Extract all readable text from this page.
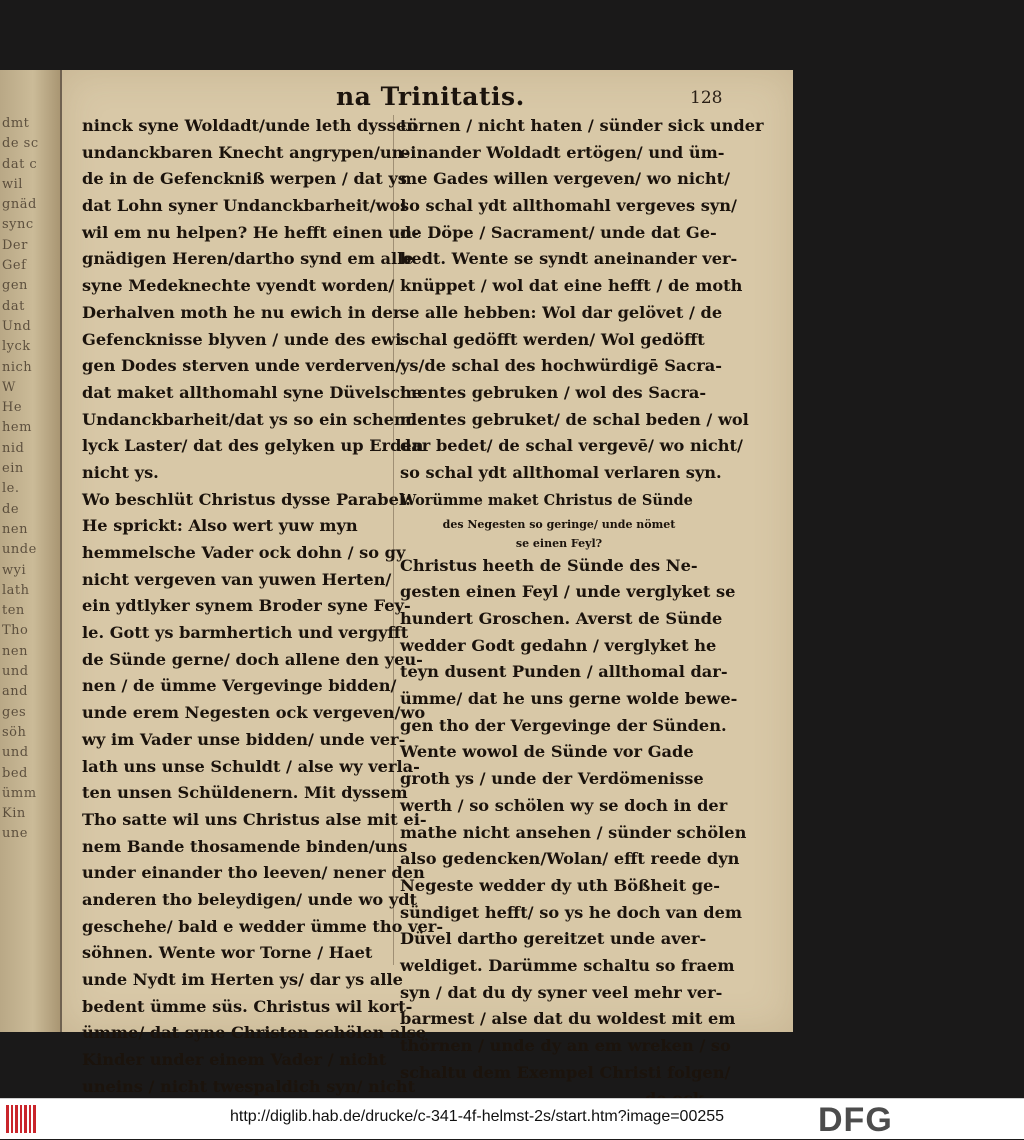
dmt
de sc
dat c
wil
gnäd
sync
Der
Gef
gen
dat
Und
lyck
nich
W
He
hem
nid
ein
le.
de
nen
unde
wyi
lath
ten
Tho
nen
und
and
ges
söh
und
bed
ümm
Kin
une
na Trinitatis.	128
ninck syne Woldadt/unde leth dyssen
undanckbaren Knecht angrypen/un-
de in de Gefenckniß werpen / dat ys
dat Lohn syner Undanckbarheit/wol
wil em nu helpen? He hefft einen un-
gnädigen Heren/dartho synd em alle
syne Medeknechte vyendt worden/
Derhalven moth he nu ewich in der
Gefencknisse blyven / unde des ewi-
gen Dodes sterven unde verderven/
dat maket allthomahl syne Düvelsche
Undanckbarheit/dat ys so ein schend-
lyck Laster/ dat des gelyken up Erden
nicht ys.
Wo beschlüt Christus dysse Parabel:
He sprickt: Also wert yuw myn
hemmelsche Vader ock dohn / so gy
nicht vergeven van yuwen Herten/
ein ydtlyker synem Broder syne Fey-
le. Gott ys barmhertich und vergyfft
de Sünde gerne/ doch allene den yeu-
nen / de ümme Vergevinge bidden/
unde erem Negesten ock vergeven/wo
wy im Vader unse bidden/ unde ver-
lath uns unse Schuldt / alse wy verla-
ten unsen Schüldenern. Mit dyssem
Tho satte wil uns Christus alse mit ei-
nem Bande thosamende binden/uns
under einander tho leeven/ nener den
anderen tho beleydigen/ unde wo ydt
geschehe/ bald e wedder ümme tho ver-
söhnen. Wente wor Torne / Haet
unde Nydt im Herten ys/ dar ys alle
bedent ümme süs. Christus wil kort-
ümme/ dat syne Christen schölen alse
Kinder under einem Vader / nicht
uneins / nicht twespaldich syn/ nicht
törnen / nicht haten / sünder sick under
einander Woldadt ertögen/ und üm-
me Gades willen vergeven/ wo nicht/
so schal ydt allthomahl vergeves syn/
de Döpe / Sacrament/ unde dat Ge-
bedt. Wente se syndt aneinander ver-
knüppet / wol dat eine hefft / de moth
se alle hebben: Wol dar gelövet / de
schal gedöfft werden/ Wol gedöfft
ys/de schal des hochwürdigē Sacra-
mentes gebruken / wol des Sacra-
mentes gebruket/ de schal beden / wol
dar bedet/ de schal vergevē/ wo nicht/
so schal ydt allthomal verlaren syn.
Worümme maket Christus de Sünde
des Negesten so geringe/ unde nömet
se einen Feyl?
Christus heeth de Sünde des Ne-
gesten einen Feyl / unde verglyket se
hundert Groschen. Averst de Sünde
wedder Godt gedahn / verglyket he
teyn dusent Punden / allthomal dar-
ümme/ dat he uns gerne wolde bewe-
gen tho der Vergevinge der Sünden.
Wente wowol de Sünde vor Gade
groth ys / unde der Verdömenisse
werth / so schölen wy se doch in der
mathe nicht ansehen / sünder schölen
also gedencken/Wolan/ efft reede dyn
Negeste wedder dy uth Bößheit ge-
sündiget hefft/ so ys he doch van dem
Düvel dartho gereitzet unde aver-
weldiget. Darümme schaltu so fraem
syn / dat du dy syner veel mehr ver-
barmest / alse dat du woldest mit em
thörnen / unde dy an em wreken / so
schaltu dem Exempel Christi folgen/
http://diglib.hab.de/drucke/c-341-4f-helmst-2s/start.htm?image=00255	DFG
